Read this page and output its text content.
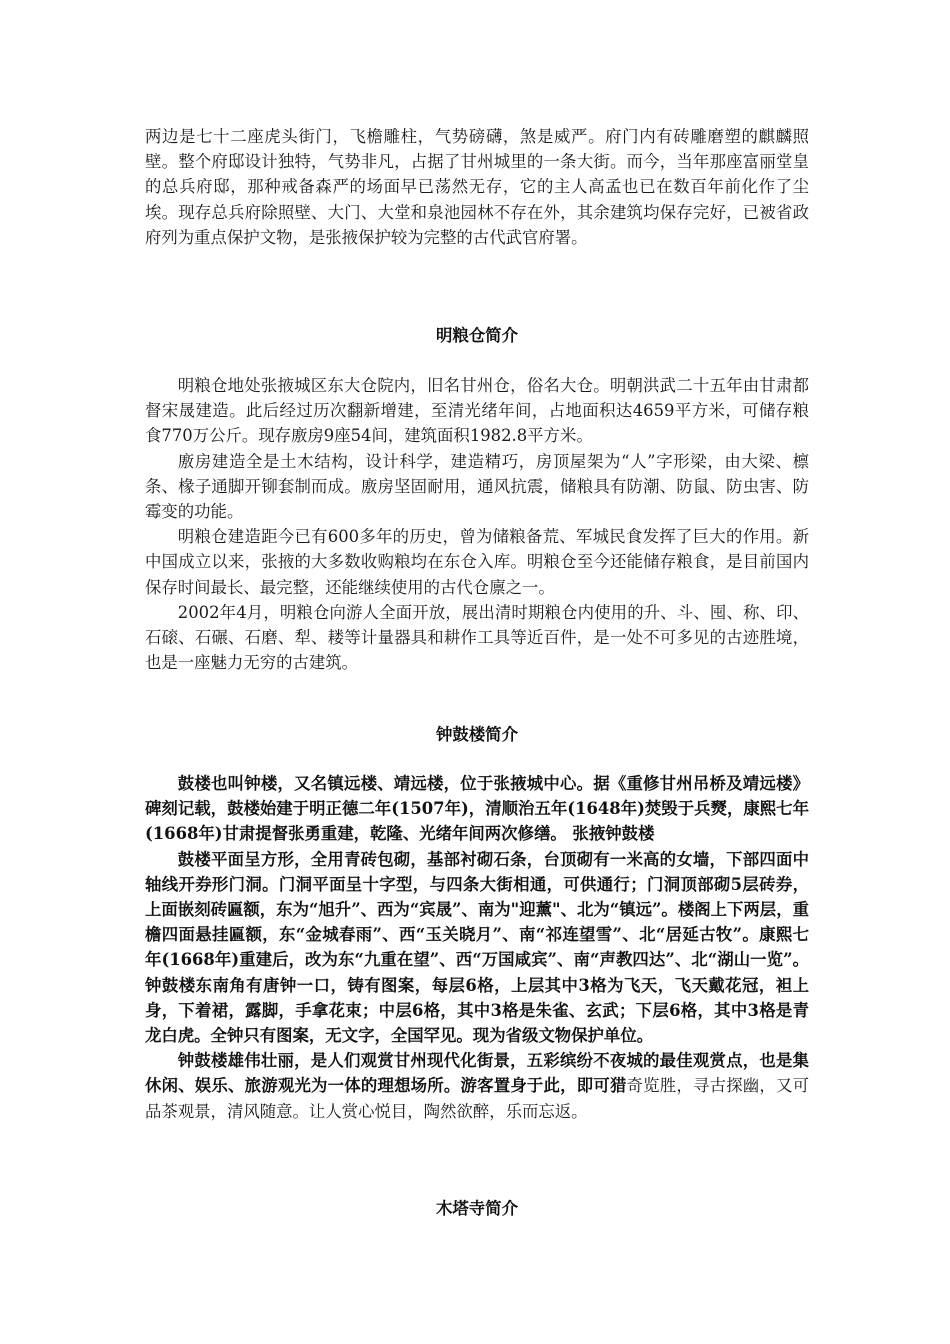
两边是七十二座虎头街门，飞檐雕柱，气势磅礴，煞是威严。府门内有砖雕磨塑的麒麟照壁。整个府邸设计独特，气势非凡，占据了甘州城里的一条大街。而今，当年那座富丽堂皇的总兵府邸，那种戒备森严的场面早已荡然无存，它的主人高孟也已在数百年前化作了尘埃。现存总兵府除照壁、大门、大堂和泉池园林不存在外，其余建筑均保存完好，已被省政府列为重点保护文物，是张掖保护较为完整的古代武官府署。

明粮仓简介

明粮仓地处张掖城区东大仓院内，旧名甘州仓，俗名大仓。明朝洪武二十五年由甘肃都督宋晟建造。此后经过历次翻新增建，至清光绪年间，占地面积达4659平方米，可储存粮食770万公斤。现存廒房9座54间，建筑面积1982.8平方米。

廒房建造全是土木结构，设计科学，建造精巧，房顶屋架为“人”字形梁，由大梁、檩条、椽子通脚开铆套制而成。廒房坚固耐用，通风抗震，储粮具有防潮、防鼠、防虫害、防霉变的功能。

明粮仓建造距今已有600多年的历史，曾为储粮备荒、军城民食发挥了巨大的作用。新中国成立以来，张掖的大多数收购粮均在东仓入库。明粮仓至今还能储存粮食，是目前国内保存时间最长、最完整，还能继续使用的古代仓廪之一。

2002年4月，明粮仓向游人全面开放，展出清时期粮仓内使用的升、斗、囤、称、印、石磙、石碾、石磨、犁、耧等计量器具和耕作工具等近百件，是一处不可多见的古迹胜境，也是一座魅力无穷的古建筑。

钟鼓楼简介

鼓楼也叫钟楼，又名镇远楼、靖远楼，位于张掖城中心。据《重修甘州吊桥及靖远楼》碑刻记载，鼓楼始建于明正德二年(1507年)，清顺治五年(1648年)焚毁于兵燹，康熙七年(1668年)甘肃提督张勇重建，乾隆、光绪年间两次修缮。 张掖钟鼓楼

鼓楼平面呈方形，全用青砖包砌，基部衬砌石条，台顶砌有一米高的女墙，下部四面中轴线开券形门洞。门洞平面呈十字型，与四条大街相通，可供通行；门洞顶部砌5层砖券，上面嵌刻砖匾额，东为“旭升”、西为“宾晟”、南为"迎薰"、北为“镇远”。楼阁上下两层，重檐四面悬挂匾额，东“金城春雨”、西“玉关晓月”、南“祁连望雪”、北“居延古牧”。康熙七年(1668年)重建后，改为东“九重在望”、西“万国咸宾”、南“声教四达”、北“湖山一览”。钟鼓楼东南角有唐钟一口，铸有图案，每层6格，上层其中3格为飞天，飞天戴花冠，袒上身，下着裙，露脚，手拿花束；中层6格，其中3格是朱雀、玄武；下层6格，其中3格是青龙白虎。全钟只有图案，无文字，全国罕见。现为省级文物保护单位。

钟鼓楼雄伟壮丽，是人们观赏甘州现代化街景，五彩缤纷不夜城的最佳观赏点，也是集休闲、娱乐、旅游观光为一体的理想场所。游客置身于此，即可猎奇览胜，寻古探幽，又可品茶观景，清风随意。让人赏心悦目，陶然欲醉，乐而忘返。

木塔寺简介
